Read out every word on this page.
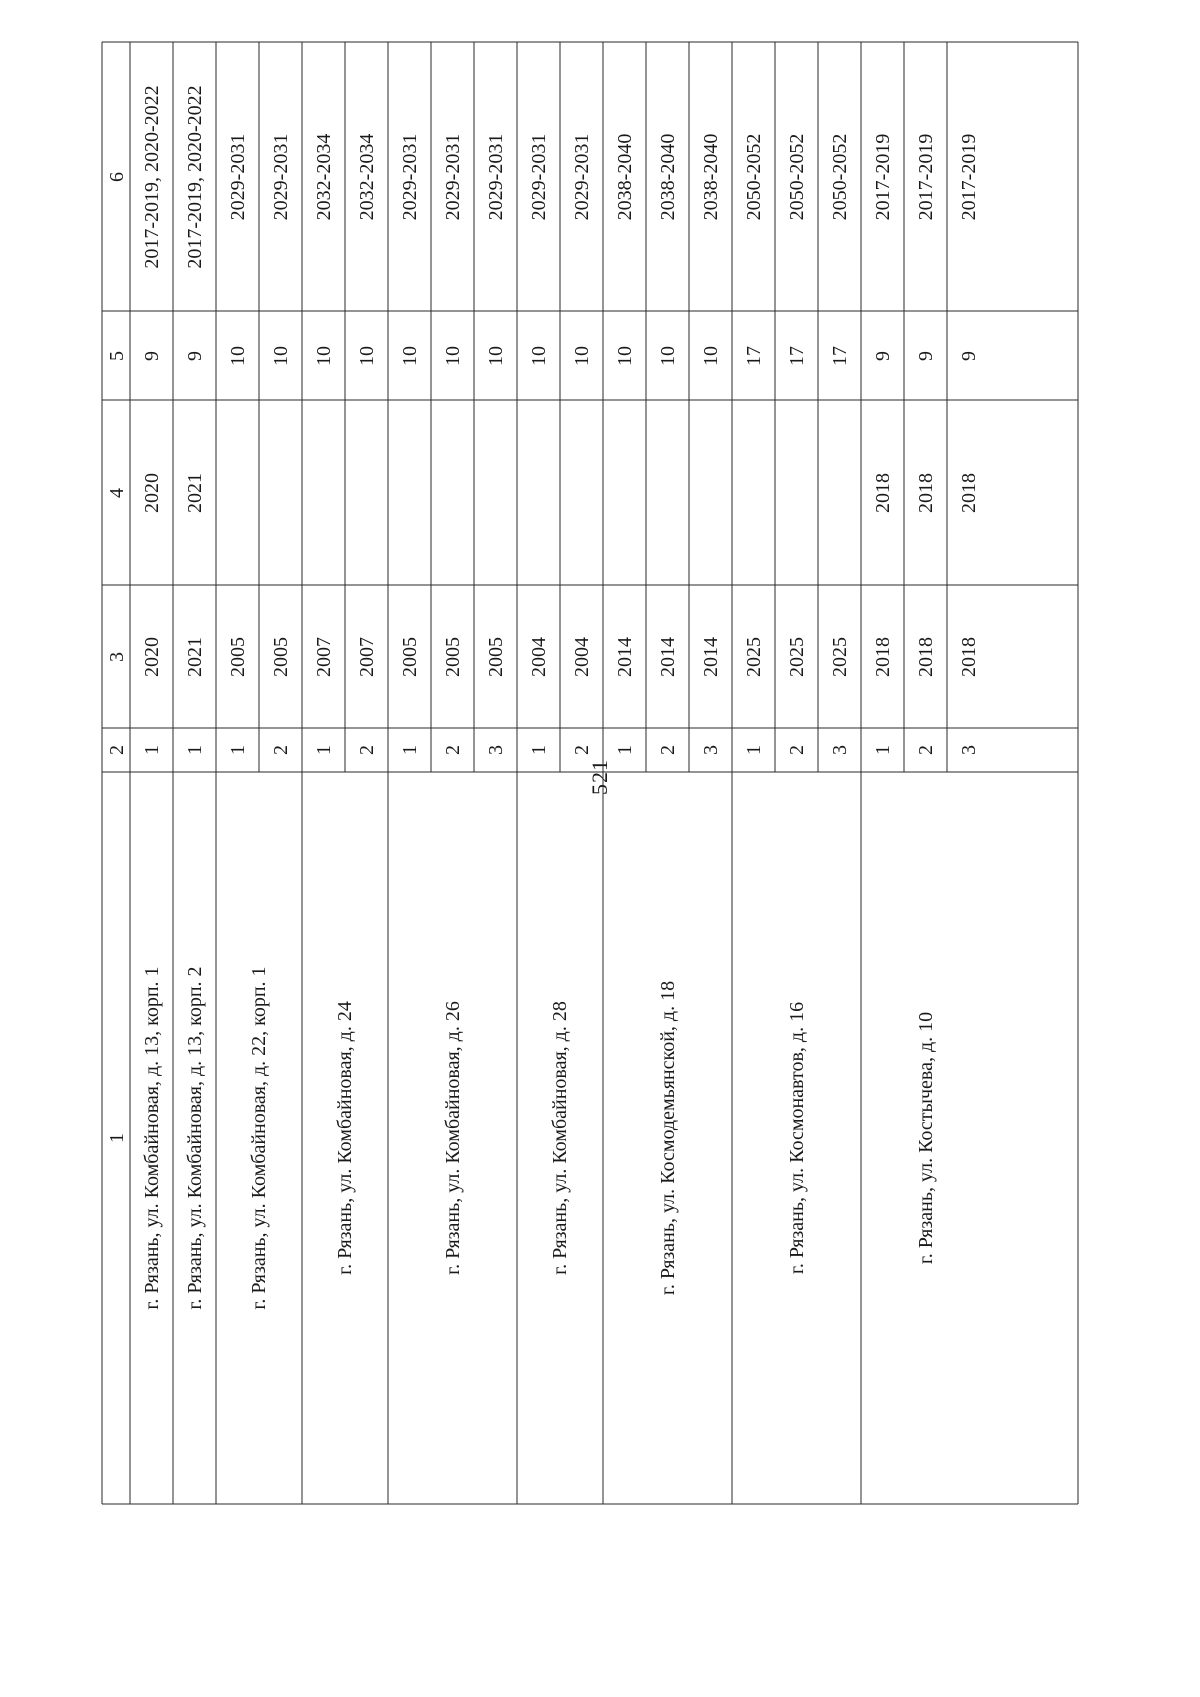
521
1
2
3
4
5
6
1
2020
2020
9
2017-2019, 2020-2022
г. Рязань, ул. Комбайновая, д. 13, корп. 1
1
2021
2021
9
2017-2019, 2020-2022
г. Рязань, ул. Комбайновая, д. 13, корп. 2
1
2005
10
2029-2031
2
2005
10
2029-2031
г. Рязань, ул. Комбайновая, д. 22, корп. 1
1
2007
10
2032-2034
2
2007
10
2032-2034
г. Рязань, ул. Комбайновая, д. 24
1
2005
10
2029-2031
2
2005
10
2029-2031
3
2005
10
2029-2031
г. Рязань, ул. Комбайновая, д. 26
1
2004
10
2029-2031
2
2004
10
2029-2031
г. Рязань, ул. Комбайновая, д. 28
1
2014
10
2038-2040
2
2014
10
2038-2040
3
2014
10
2038-2040
г. Рязань, ул. Космодемьянской, д. 18
1
2025
17
2050-2052
2
2025
17
2050-2052
3
2025
17
2050-2052
г. Рязань, ул. Космонавтов, д. 16
1
2018
2018
9
2017-2019
2
2018
2018
9
2017-2019
3
2018
2018
9
2017-2019
г. Рязань, ул. Костычева, д. 10
